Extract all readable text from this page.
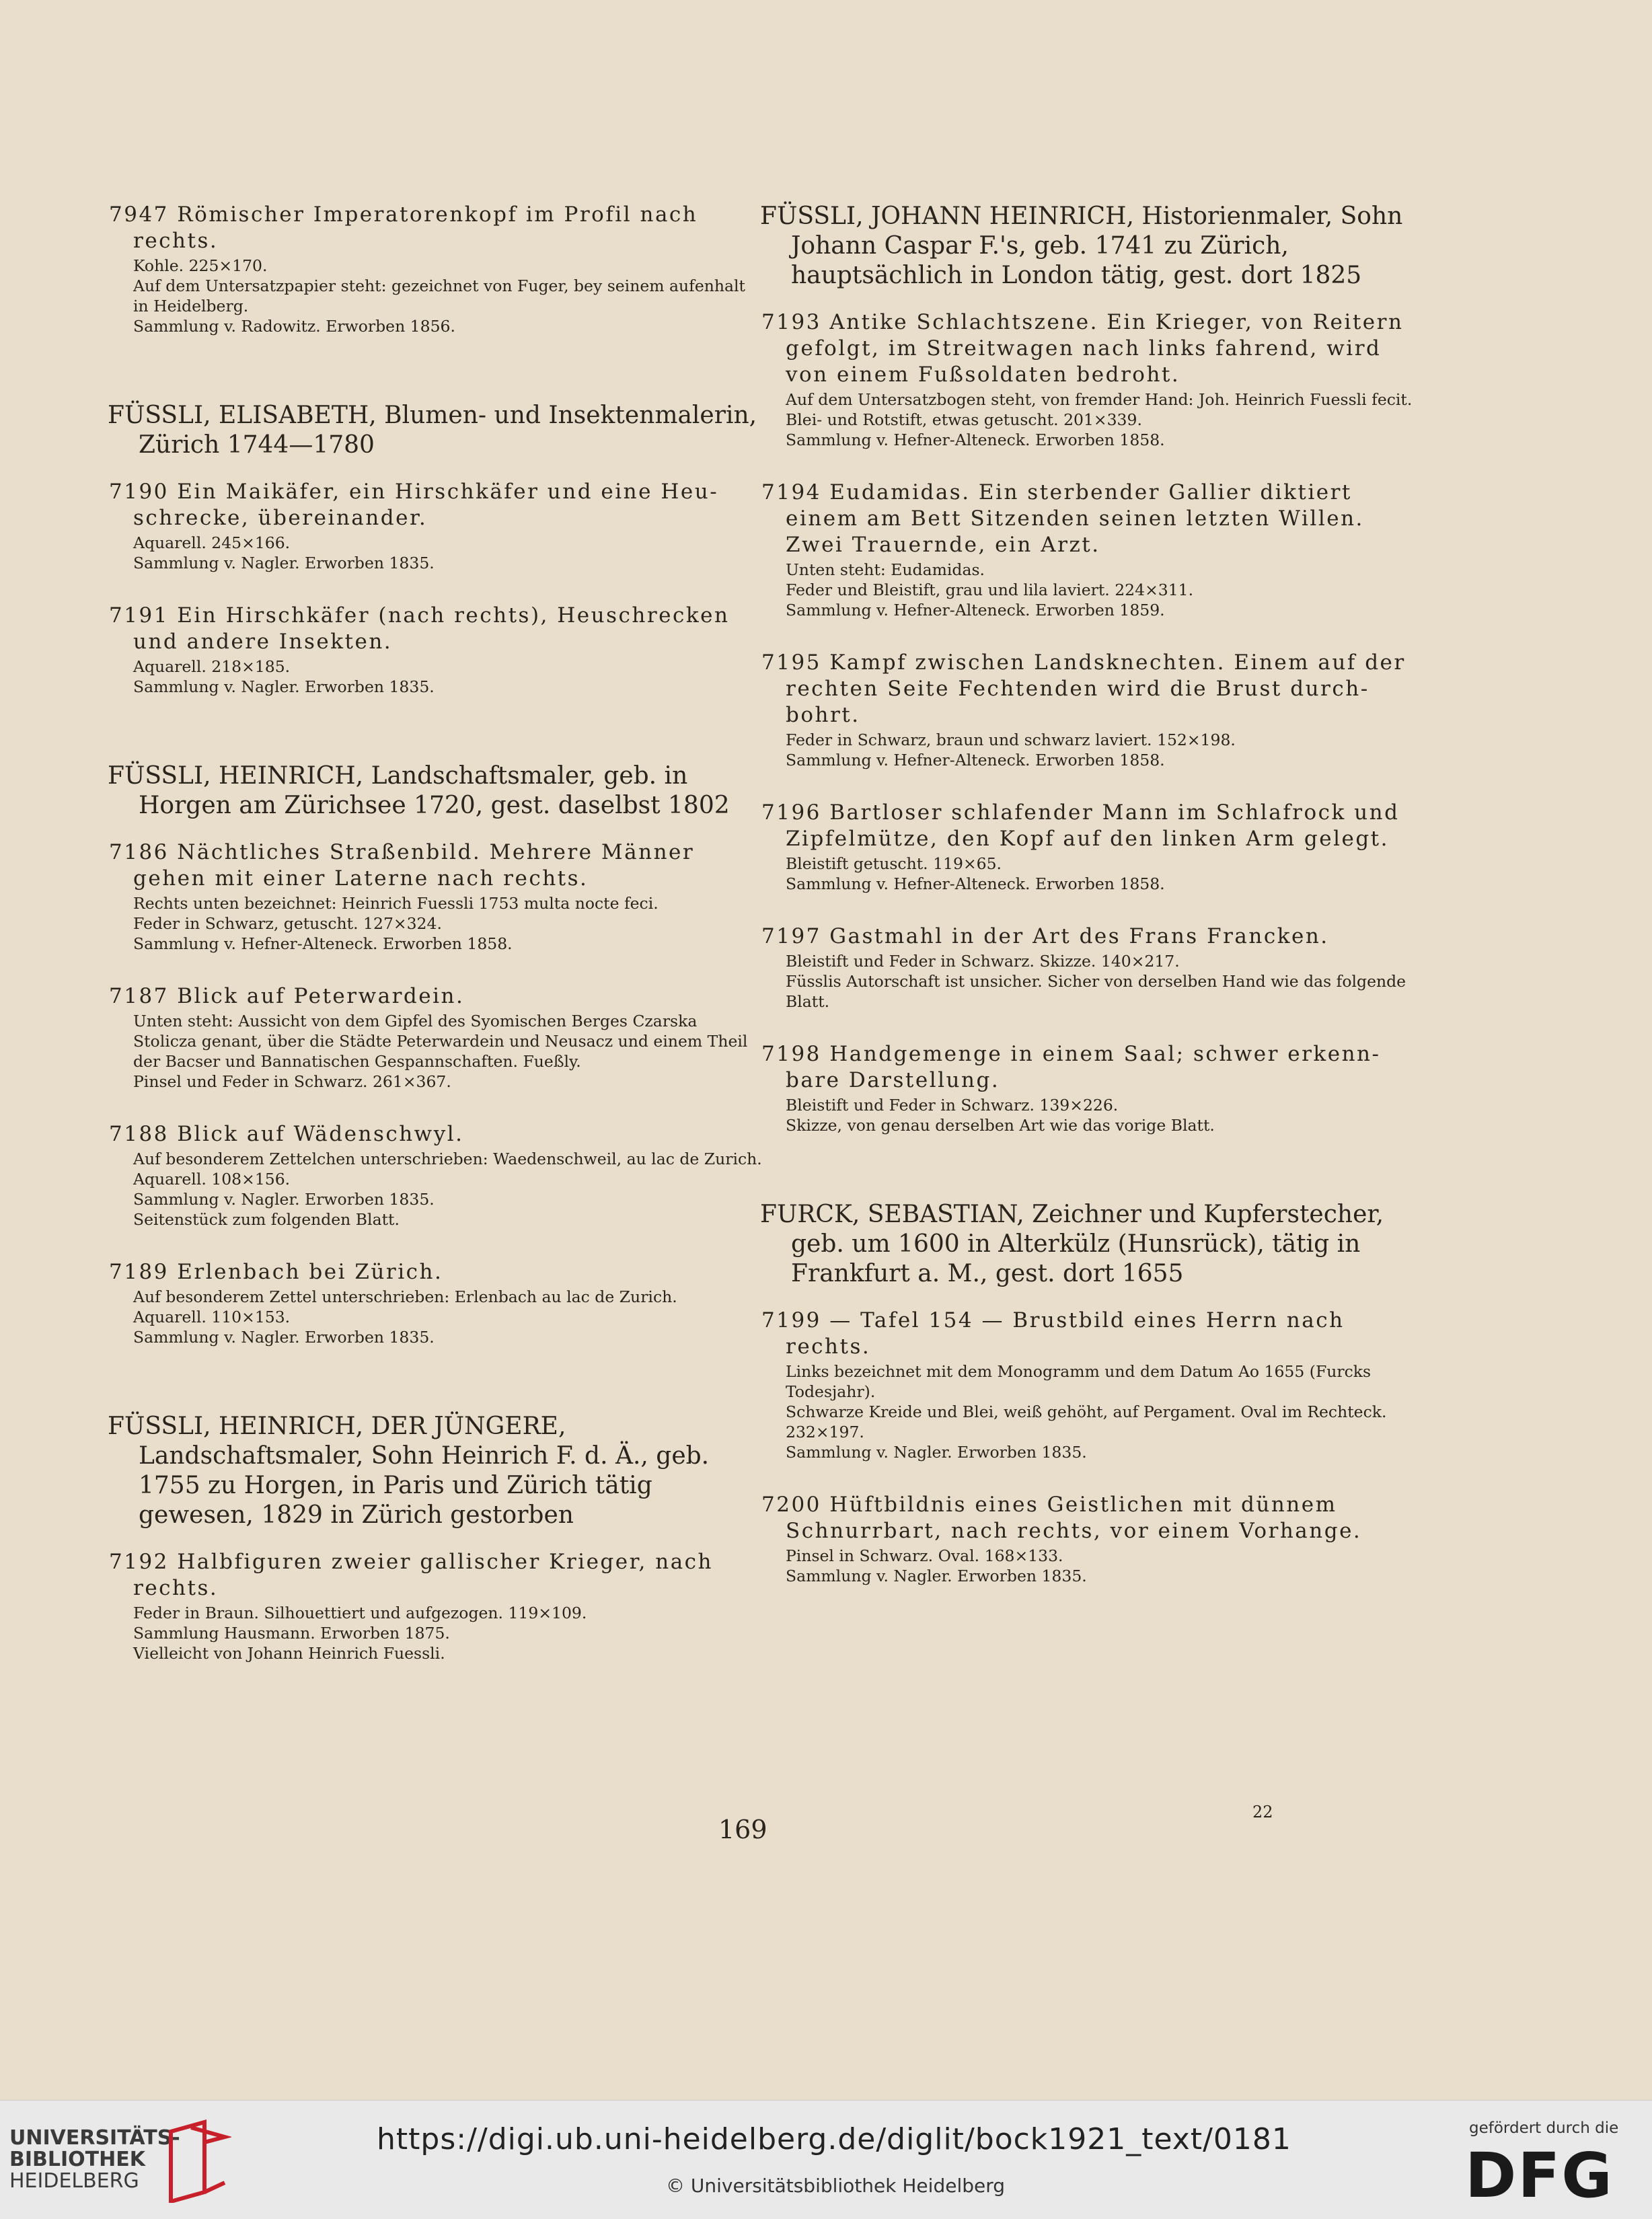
7947 Römischer Imperatorenkopf im Profil nach rechts.
Kohle. 225×170.
Auf dem Untersatzpapier steht: gezeichnet von Fuger, bey seinem aufenhalt in Heidelberg.
Sammlung v. Radowitz. Erworben 1856.
FÜSSLI, ELISABETH, Blumen- und Insektenmalerin, Zürich 1744—1780
7190 Ein Maikäfer, ein Hirschkäfer und eine Heu-schrecke, übereinander.
Aquarell. 245×166.
Sammlung v. Nagler. Erworben 1835.
7191 Ein Hirschkäfer (nach rechts), Heuschrecken und andere Insekten.
Aquarell. 218×185.
Sammlung v. Nagler. Erworben 1835.
FÜSSLI, HEINRICH, Landschaftsmaler, geb. in Horgen am Zürichsee 1720, gest. daselbst 1802
7186 Nächtliches Straßenbild. Mehrere Männer gehen mit einer Laterne nach rechts.
Rechts unten bezeichnet: Heinrich Fuessli 1753 multa nocte feci.
Feder in Schwarz, getuscht. 127×324.
Sammlung v. Hefner-Alteneck. Erworben 1858.
7187 Blick auf Peterwardein.
Unten steht: Aussicht von dem Gipfel des Syomischen Berges Czarska Stolicza genant, über die Städte Peterwardein und Neusacz und einem Theil der Bacser und Bannatischen Gespannschaften. Fueßly.
Pinsel und Feder in Schwarz. 261×367.
7188 Blick auf Wädenschwyl.
Auf besonderem Zettelchen unterschrieben: Waedenschweil, au lac de Zurich.
Aquarell. 108×156.
Sammlung v. Nagler. Erworben 1835.
Seitenstück zum folgenden Blatt.
7189 Erlenbach bei Zürich.
Auf besonderem Zettel unterschrieben: Erlenbach au lac de Zurich.
Aquarell. 110×153.
Sammlung v. Nagler. Erworben 1835.
FÜSSLI, HEINRICH, DER JÜNGERE, Landschaftsmaler, Sohn Heinrich F. d. Ä., geb. 1755 zu Horgen, in Paris und Zürich tätig gewesen, 1829 in Zürich gestorben
7192 Halbfiguren zweier gallischer Krieger, nach rechts.
Feder in Braun. Silhouettiert und aufgezogen. 119×109.
Sammlung Hausmann. Erworben 1875.
Vielleicht von Johann Heinrich Fuessli.
FÜSSLI, JOHANN HEINRICH, Historienmaler, Sohn Johann Caspar F.'s, geb. 1741 zu Zürich, hauptsächlich in London tätig, gest. dort 1825
7193 Antike Schlachtszene. Ein Krieger, von Reitern gefolgt, im Streitwagen nach links fahrend, wird von einem Fußsoldaten bedroht.
Auf dem Untersatzbogen steht, von fremder Hand: Joh. Heinrich Fuessli fecit.
Blei- und Rotstift, etwas getuscht. 201×339.
Sammlung v. Hefner-Alteneck. Erworben 1858.
7194 Eudamidas. Ein sterbender Gallier diktiert einem am Bett Sitzenden seinen letzten Willen. Zwei Trauernde, ein Arzt.
Unten steht: Eudamidas.
Feder und Bleistift, grau und lila laviert. 224×311.
Sammlung v. Hefner-Alteneck. Erworben 1859.
7195 Kampf zwischen Landsknechten. Einem auf der rechten Seite Fechtenden wird die Brust durch-bohrt.
Feder in Schwarz, braun und schwarz laviert. 152×198.
Sammlung v. Hefner-Alteneck. Erworben 1858.
7196 Bartloser schlafender Mann im Schlafrock und Zipfelmütze, den Kopf auf den linken Arm gelegt.
Bleistift getuscht. 119×65.
Sammlung v. Hefner-Alteneck. Erworben 1858.
7197 Gastmahl in der Art des Frans Francken.
Bleistift und Feder in Schwarz. Skizze. 140×217.
Füsslis Autorschaft ist unsicher. Sicher von derselben Hand wie das folgende Blatt.
7198 Handgemenge in einem Saal; schwer erkenn-bare Darstellung.
Bleistift und Feder in Schwarz. 139×226.
Skizze, von genau derselben Art wie das vorige Blatt.
FURCK, SEBASTIAN, Zeichner und Kupferstecher, geb. um 1600 in Alterkülz (Hunsrück), tätig in Frankfurt a. M., gest. dort 1655
7199 — Tafel 154 — Brustbild eines Herrn nach rechts.
Links bezeichnet mit dem Monogramm und dem Datum Ao 1655 (Furcks Todesjahr).
Schwarze Kreide und Blei, weiß gehöht, auf Pergament. Oval im Rechteck. 232×197.
Sammlung v. Nagler. Erworben 1835.
7200 Hüftbildnis eines Geistlichen mit dünnem Schnurrbart, nach rechts, vor einem Vorhange.
Pinsel in Schwarz. Oval. 168×133.
Sammlung v. Nagler. Erworben 1835.
169
22
UNIVERSITÄTS-
BIBLIOTHEK
HEIDELBERG
https://digi.ub.uni-heidelberg.de/diglit/bock1921_text/0181
© Universitätsbibliothek Heidelberg
gefördert durch die
DFG
